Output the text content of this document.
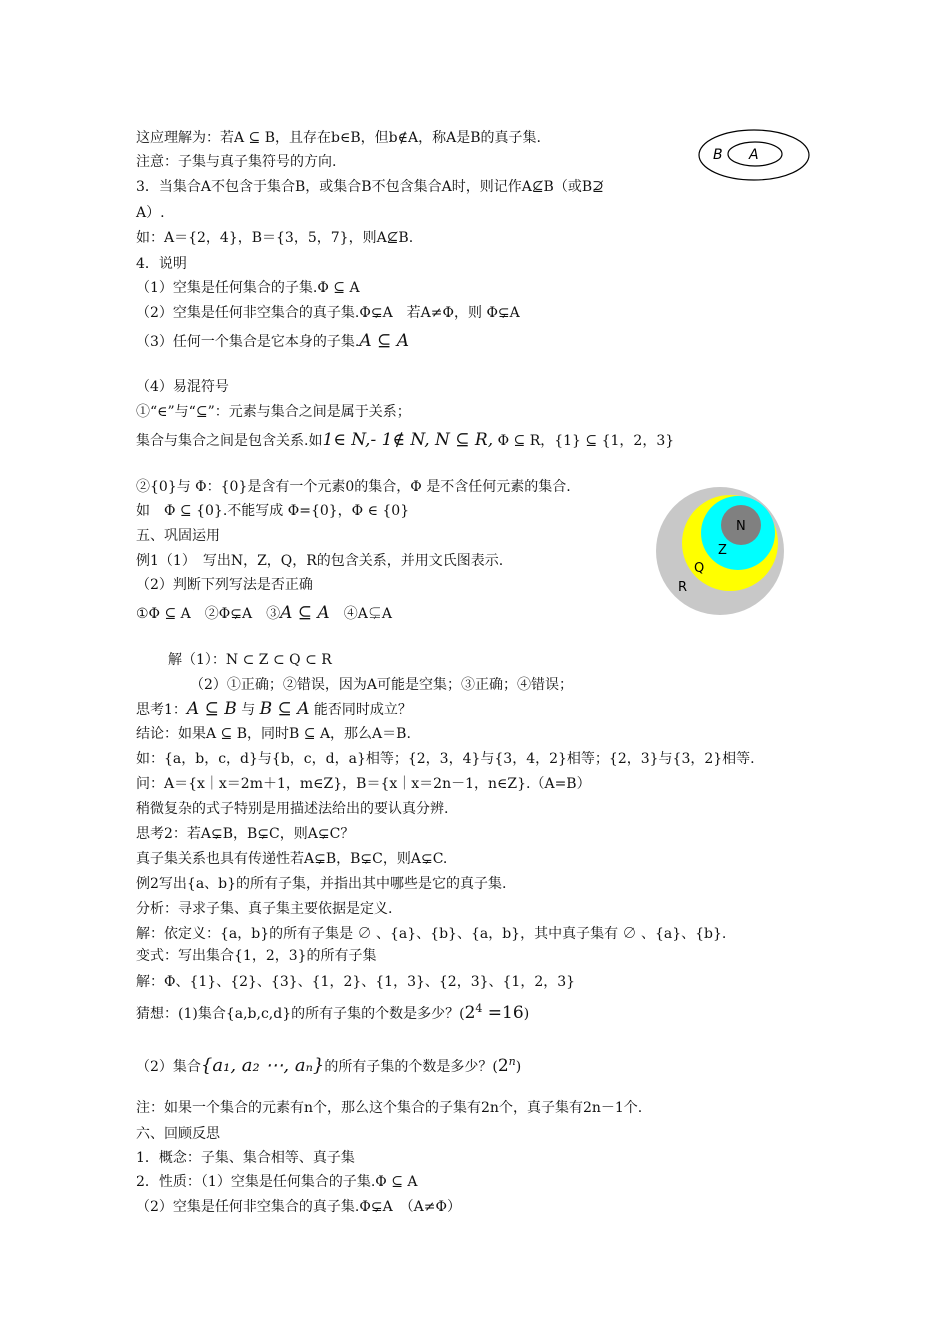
这应理解为：若A ⊆ B，且存在b∈B，但b∉A，称A是B的真子集.
注意：子集与真子集符号的方向.
3．当集合A不包含于集合B，或集合B不包含集合A时，则记作A⊈B（或B⊉
A）.
如：A＝{2，4}，B＝{3，5，7}，则A⊈B.
4．说明
（1）空集是任何集合的子集.Φ ⊆ A
（2）空集是任何非空集合的真子集.Φ⊊A　若A≠Φ，则 Φ⊊A
（3）任何一个集合是它本身的子集.A ⊆ A
（4）易混符号
①“∈”与“⊆”：元素与集合之间是属于关系；
集合与集合之间是包含关系.如1∈ N,- 1∉ N, N ⊆ R, Φ ⊆ R，{1} ⊆ {1，2，3}
②{0}与 Φ：{0}是含有一个元素0的集合，Φ 是不含任何元素的集合.
如　Φ ⊆ {0}.不能写成 Φ={0}，Φ ∈ {0}
五、巩固运用
例1（1）　写出N，Z，Q，R的包含关系，并用文氏图表示.
（2）判断下列写法是否正确
①Φ ⊆ A　②Φ⊊A　③A ⊆ A　④A⊊A
解（1）：N ⊂ Z ⊂ Q ⊂ R
（2）①正确；②错误，因为A可能是空集；③正确；④错误；
思考1：A ⊆ B 与 B ⊆ A 能否同时成立？
结论：如果A ⊆ B，同时B ⊆ A，那么A＝B.
如：{a，b，c，d}与{b，c，d，a}相等；{2，3，4}与{3，4，2}相等；{2，3}与{3，2}相等.
问：A＝{x｜x＝2m＋1，m∈Z}，B＝{x｜x＝2n－1，n∈Z}.（A=B）
稍微复杂的式子特别是用描述法给出的要认真分辨.
思考2：若A⊊B，B⊊C，则A⊊C？
真子集关系也具有传递性若A⊊B，B⊊C，则A⊊C.
例2写出{a、b}的所有子集，并指出其中哪些是它的真子集.
分析：寻求子集、真子集主要依据是定义.
解：依定义：{a，b}的所有子集是 ∅ 、{a}、{b}、{a，b}，其中真子集有 ∅ 、{a}、{b}.
变式：写出集合{1，2，3}的所有子集
解：Φ、{1}、{2}、{3}、{1，2}、{1，3}、{2，3}、{1，2，3}
猜想：(1)集合{a,b,c,d}的所有子集的个数是多少？$(2^4 =16)$
（2）集合{a₁, a₂ ⋯, aₙ}的所有子集的个数是多少？(2$^n$)
注：如果一个集合的元素有n个，那么这个集合的子集有2n个，真子集有2n－1个.
六、回顾反思
1．概念：子集、集合相等、真子集
2．性质：（1）空集是任何集合的子集.Φ ⊆ A
（2）空集是任何非空集合的真子集.Φ⊊A　（A≠Φ）
B A
N
Z
Q
R
